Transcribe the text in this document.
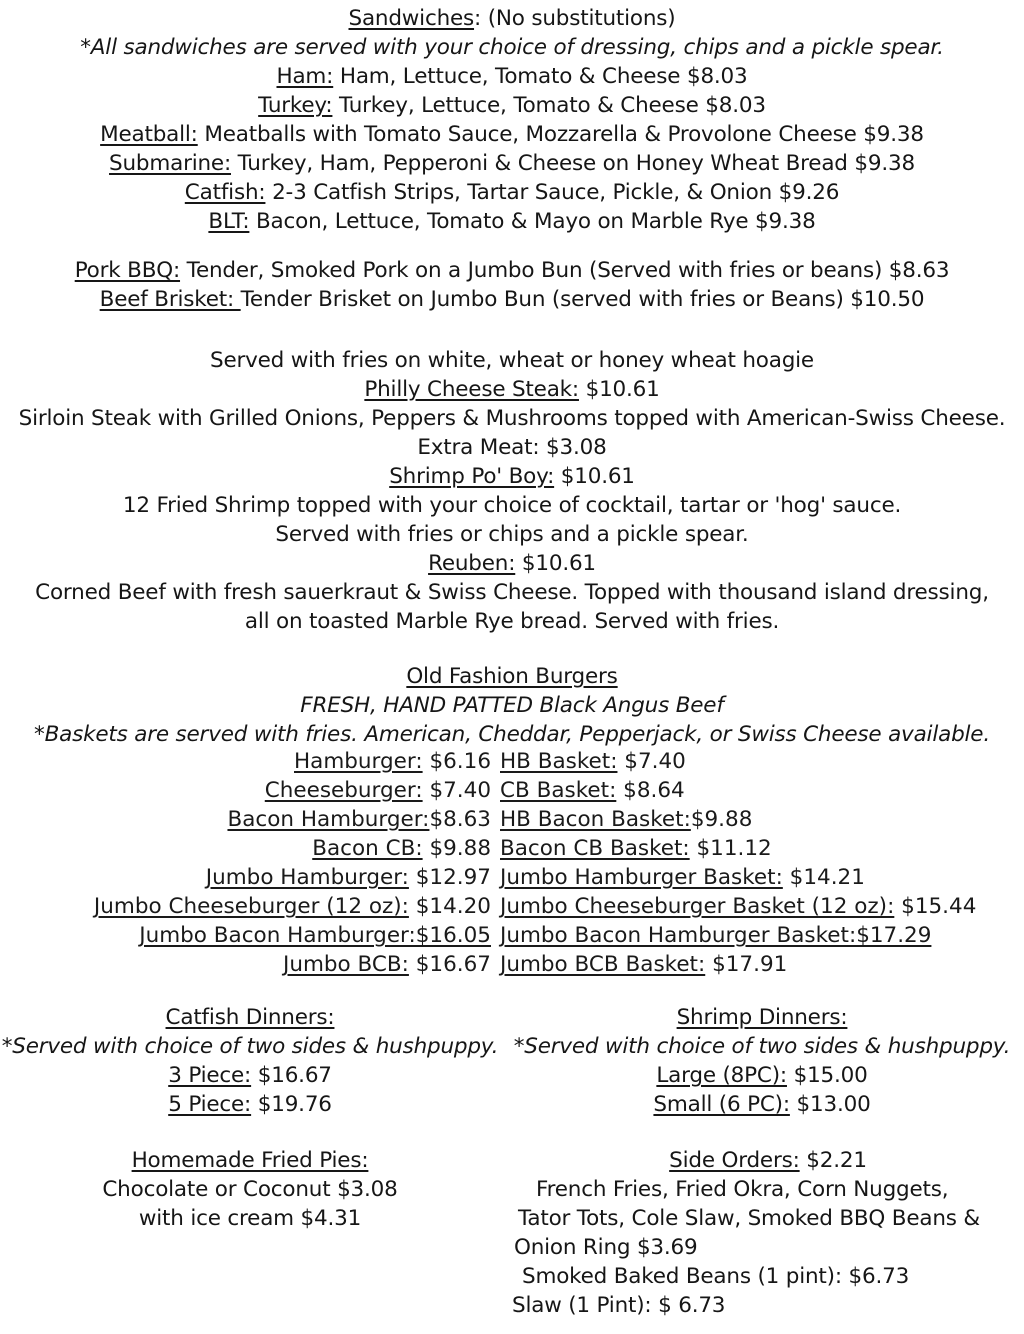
Sandwiches: (No substitutions)
*All sandwiches are served with your choice of dressing, chips and a pickle spear.
Ham: Ham, Lettuce, Tomato & Cheese $8.03
Turkey: Turkey, Lettuce, Tomato & Cheese $8.03
Meatball: Meatballs with Tomato Sauce, Mozzarella & Provolone Cheese $9.38
Submarine: Turkey, Ham, Pepperoni & Cheese on Honey Wheat Bread $9.38
Catfish: 2-3 Catfish Strips, Tartar Sauce, Pickle, & Onion $9.26
BLT: Bacon, Lettuce, Tomato & Mayo on Marble Rye $9.38
Pork BBQ: Tender, Smoked Pork on a Jumbo Bun (Served with fries or beans) $8.63
Beef Brisket: Tender Brisket on Jumbo Bun (served with fries or Beans) $10.50
Served with fries on white, wheat or honey wheat hoagie
Philly Cheese Steak: $10.61
Sirloin Steak with Grilled Onions, Peppers & Mushrooms topped with American-Swiss Cheese.
Extra Meat: $3.08
Shrimp Po' Boy: $10.61
12 Fried Shrimp topped with your choice of cocktail, tartar or 'hog' sauce.
Served with fries or chips and a pickle spear.
Reuben: $10.61
Corned Beef with fresh sauerkraut & Swiss Cheese. Topped with thousand island dressing,
all on toasted Marble Rye bread. Served with fries.
Old Fashion Burgers
FRESH, HAND PATTED Black Angus Beef
*Baskets are served with fries. American, Cheddar, Pepperjack, or Swiss Cheese available.
Hamburger: $6.16 HB Basket: $7.40
Cheeseburger: $7.40 CB Basket: $8.64
Bacon Hamburger:$8.63 HB Bacon Basket:$9.88
Bacon CB: $9.88 Bacon CB Basket: $11.12
Jumbo Hamburger: $12.97 Jumbo Hamburger Basket: $14.21
Jumbo Cheeseburger (12 oz): $14.20 Jumbo Cheeseburger Basket (12 oz): $15.44
Jumbo Bacon Hamburger:$16.05 Jumbo Bacon Hamburger Basket:$17.29
Jumbo BCB: $16.67 Jumbo BCB Basket: $17.91
Catfish Dinners:
*Served with choice of two sides & hushpuppy.
3 Piece: $16.67
5 Piece: $19.76
Shrimp Dinners:
*Served with choice of two sides & hushpuppy.
Large (8PC): $15.00
Small (6 PC): $13.00
Homemade Fried Pies:
Chocolate or Coconut $3.08
with ice cream $4.31
Side Orders: $2.21
French Fries, Fried Okra, Corn Nuggets,
Tator Tots, Cole Slaw, Smoked BBQ Beans &
Onion Ring $3.69
Smoked Baked Beans (1 pint): $6.73
Slaw (1 Pint): $ 6.73
